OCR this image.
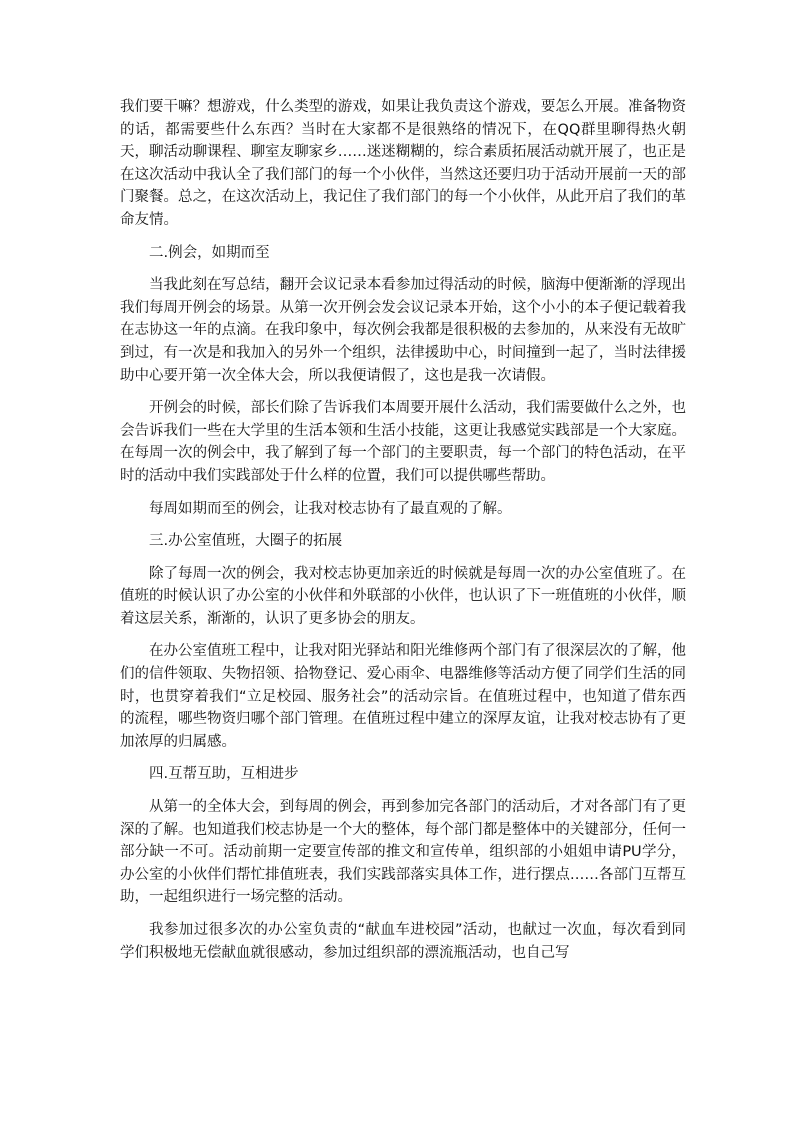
我们要干嘛？想游戏，什么类型的游戏，如果让我负责这个游戏，要怎么开展。准备物资的话，都需要些什么东西？当时在大家都不是很熟络的情况下，在QQ群里聊得热火朝天，聊活动聊课程、聊室友聊家乡……迷迷糊糊的，综合素质拓展活动就开展了，也正是在这次活动中我认全了我们部门的每一个小伙伴，当然这还要归功于活动开展前一天的部门聚餐。总之，在这次活动上，我记住了我们部门的每一个小伙伴，从此开启了我们的革命友情。

二.例会，如期而至

当我此刻在写总结，翻开会议记录本看参加过得活动的时候，脑海中便渐渐的浮现出我们每周开例会的场景。从第一次开例会发会议记录本开始，这个小小的本子便记载着我在志协这一年的点滴。在我印象中，每次例会我都是很积极的去参加的，从来没有无故旷到过，有一次是和我加入的另外一个组织，法律援助中心，时间撞到一起了，当时法律援助中心要开第一次全体大会，所以我便请假了，这也是我一次请假。

开例会的时候，部长们除了告诉我们本周要开展什么活动，我们需要做什么之外，也会告诉我们一些在大学里的生活本领和生活小技能，这更让我感觉实践部是一个大家庭。在每周一次的例会中，我了解到了每一个部门的主要职责，每一个部门的特色活动，在平时的活动中我们实践部处于什么样的位置，我们可以提供哪些帮助。

每周如期而至的例会，让我对校志协有了最直观的了解。

三.办公室值班，大圈子的拓展

除了每周一次的例会，我对校志协更加亲近的时候就是每周一次的办公室值班了。在值班的时候认识了办公室的小伙伴和外联部的小伙伴，也认识了下一班值班的小伙伴，顺着这层关系，渐渐的，认识了更多协会的朋友。

在办公室值班工程中，让我对阳光驿站和阳光维修两个部门有了很深层次的了解，他们的信件领取、失物招领、拾物登记、爱心雨伞、电器维修等活动方便了同学们生活的同时，也贯穿着我们“立足校园、服务社会”的活动宗旨。在值班过程中，也知道了借东西的流程，哪些物资归哪个部门管理。在值班过程中建立的深厚友谊，让我对校志协有了更加浓厚的归属感。

四.互帮互助，互相进步

从第一的全体大会，到每周的例会，再到参加完各部门的活动后，才对各部门有了更深的了解。也知道我们校志协是一个大的整体，每个部门都是整体中的关键部分，任何一部分缺一不可。活动前期一定要宣传部的推文和宣传单，组织部的小姐姐申请PU学分，办公室的小伙伴们帮忙排值班表，我们实践部落实具体工作，进行摆点……各部门互帮互助，一起组织进行一场完整的活动。

我参加过很多次的办公室负责的“献血车进校园”活动，也献过一次血，每次看到同学们积极地无偿献血就很感动，参加过组织部的漂流瓶活动，也自己写
